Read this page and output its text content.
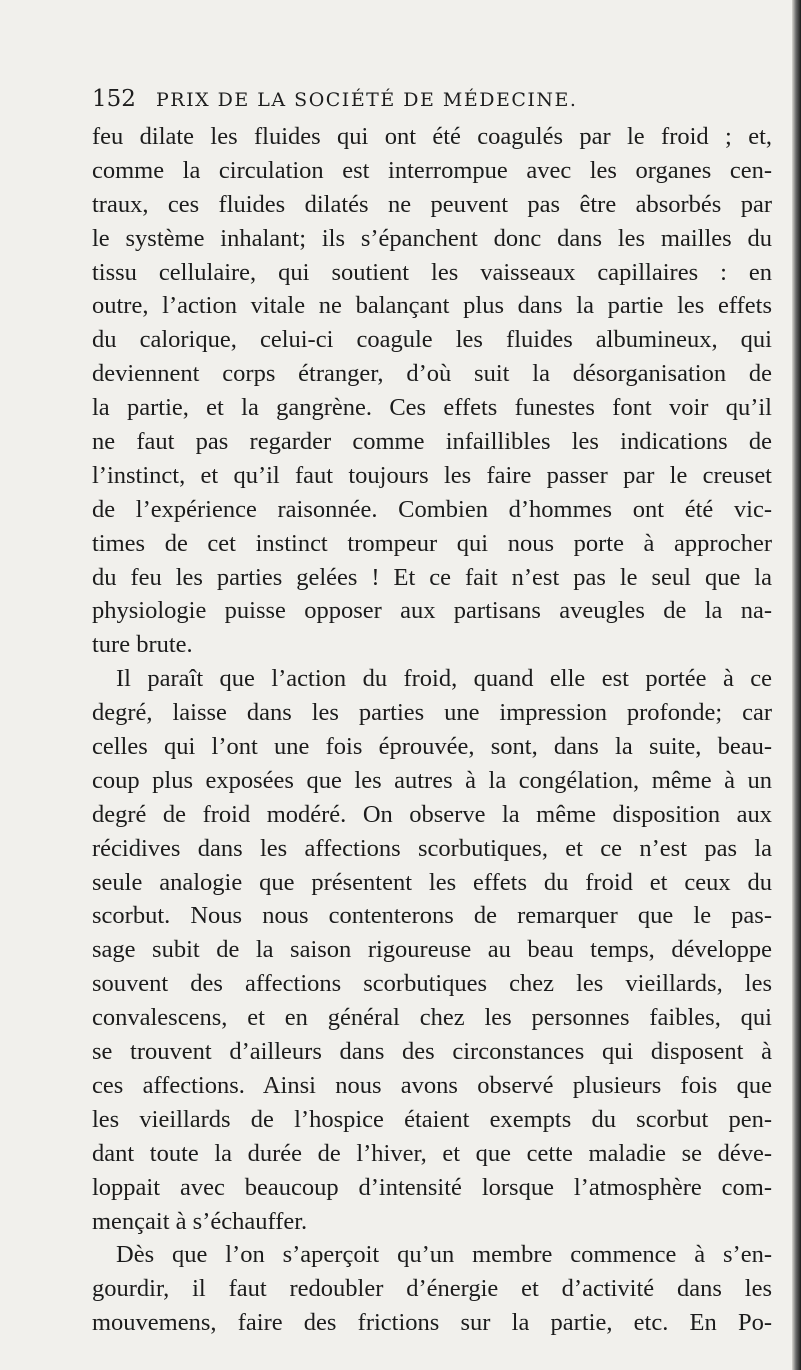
152 PRIX DE LA SOCIÉTÉ DE MÉDECINE.
feu dilate les fluides qui ont été coagulés par le froid ; et,
comme la circulation est interrompue avec les organes cen-
traux, ces fluides dilatés ne peuvent pas être absorbés par
le système inhalant; ils s’épanchent donc dans les mailles du
tissu cellulaire, qui soutient les vaisseaux capillaires : en
outre, l’action vitale ne balançant plus dans la partie les effets
du calorique, celui-ci coagule les fluides albumineux, qui
deviennent corps étranger, d’où suit la désorganisation de
la partie, et la gangrène. Ces effets funestes font voir qu’il
ne faut pas regarder comme infaillibles les indications de
l’instinct, et qu’il faut toujours les faire passer par le creuset
de l’expérience raisonnée. Combien d’hommes ont été vic-
times de cet instinct trompeur qui nous porte à approcher
du feu les parties gelées ! Et ce fait n’est pas le seul que la
physiologie puisse opposer aux partisans aveugles de la na-
ture brute.
Il paraît que l’action du froid, quand elle est portée à ce
degré, laisse dans les parties une impression profonde; car
celles qui l’ont une fois éprouvée, sont, dans la suite, beau-
coup plus exposées que les autres à la congélation, même à un
degré de froid modéré. On observe la même disposition aux
récidives dans les affections scorbutiques, et ce n’est pas la
seule analogie que présentent les effets du froid et ceux du
scorbut. Nous nous contenterons de remarquer que le pas-
sage subit de la saison rigoureuse au beau temps, développe
souvent des affections scorbutiques chez les vieillards, les
convalescens, et en général chez les personnes faibles, qui
se trouvent d’ailleurs dans des circonstances qui disposent à
ces affections. Ainsi nous avons observé plusieurs fois que
les vieillards de l’hospice étaient exempts du scorbut pen-
dant toute la durée de l’hiver, et que cette maladie se déve-
loppait avec beaucoup d’intensité lorsque l’atmosphère com-
mençait à s’échauffer.
Dès que l’on s’aperçoit qu’un membre commence à s’en-
gourdir, il faut redoubler d’énergie et d’activité dans les
mouvemens, faire des frictions sur la partie, etc. En Po-
